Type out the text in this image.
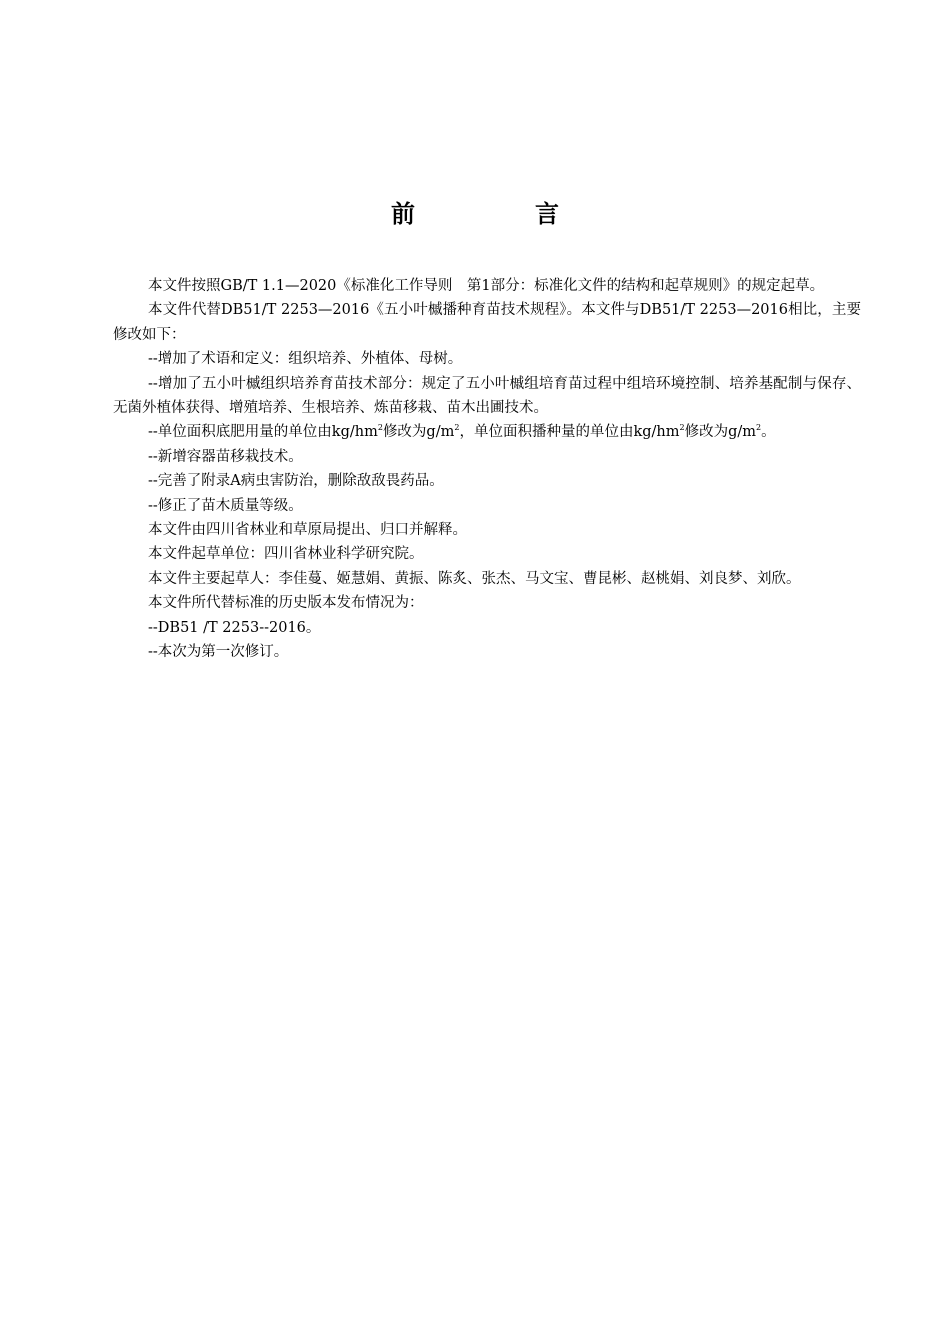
前　言

本文件按照GB/T 1.1—2020《标准化工作导则　第1部分：标准化文件的结构和起草规则》的规定起草。

本文件代替DB51/T 2253—2016《五小叶槭播种育苗技术规程》。本文件与DB51/T 2253—2016相比，主要修改如下：

--增加了术语和定义：组织培养、外植体、母树。

--增加了五小叶槭组织培养育苗技术部分：规定了五小叶槭组培育苗过程中组培环境控制、培养基配制与保存、无菌外植体获得、增殖培养、生根培养、炼苗移栽、苗木出圃技术。

--单位面积底肥用量的单位由$kg/hm^2$修改为$g/m^2$，单位面积播种量的单位由$kg/hm^2$修改为$g/m^2$。

--新增容器苗移栽技术。

--完善了附录A病虫害防治，删除敌敌畏药品。

--修正了苗木质量等级。

本文件由四川省林业和草原局提出、归口并解释。

本文件起草单位：四川省林业科学研究院。

本文件主要起草人：李佳蔓、姬慧娟、黄振、陈炙、张杰、马文宝、曹昆彬、赵桃娟、刘良梦、刘欣。

本文件所代替标准的历史版本发布情况为：

--DB51 /T 2253--2016。

--本次为第一次修订。
